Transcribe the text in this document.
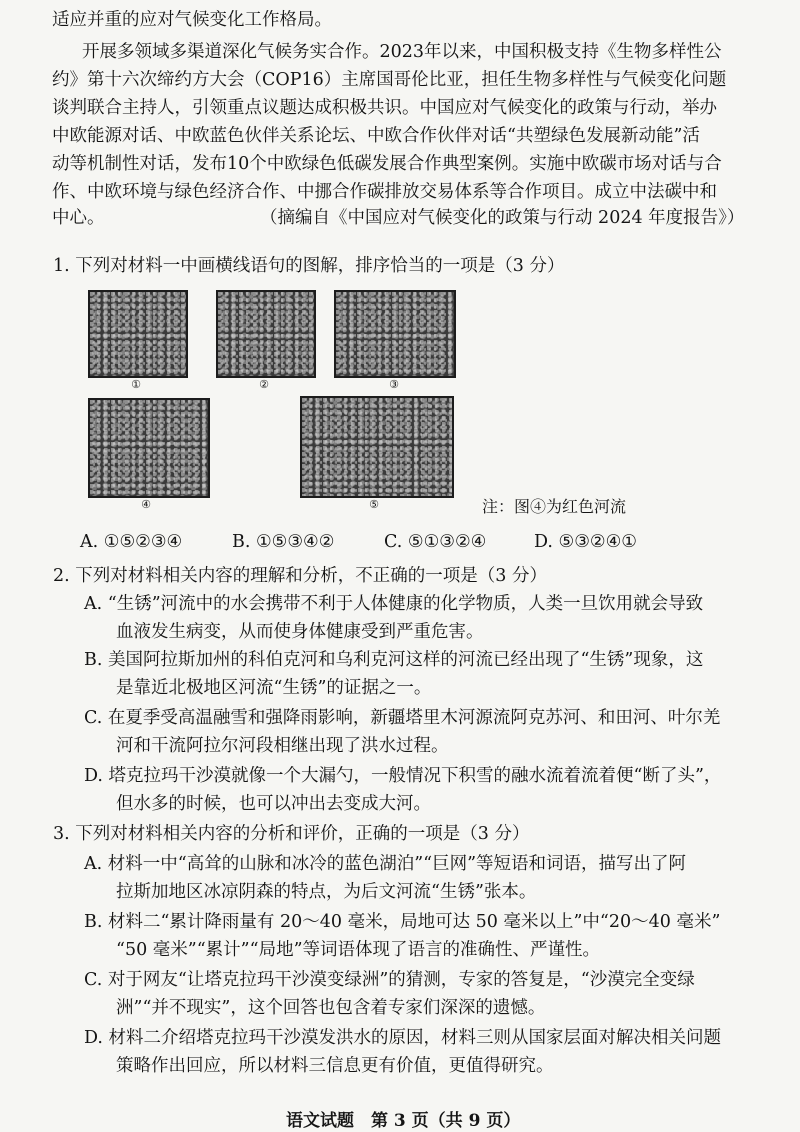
适应并重的应对气候变化工作格局。
开展多领域多渠道深化气候务实合作。2023年以来，中国积极支持《生物多样性公
约》第十六次缔约方大会（COP16）主席国哥伦比亚，担任生物多样性与气候变化问题
谈判联合主持人，引领重点议题达成积极共识。中国应对气候变化的政策与行动，举办
中欧能源对话、中欧蓝色伙伴关系论坛、中欧合作伙伴对话“共塑绿色发展新动能”活
动等机制性对话，发布10个中欧绿色低碳发展合作典型案例。实施中欧碳市场对话与合
作、中欧环境与绿色经济合作、中挪合作碳排放交易体系等合作项目。成立中法碳中和
中心。	（摘编自《中国应对气候变化的政策与行动 2024 年度报告》）
1. 下列对材料一中画横线语句的图解，排序恰当的一项是（3 分）
①	②	③
④	⑤	注：图④为红色河流
A. ①⑤②③④	B. ①⑤③④②	C. ⑤①③②④	D. ⑤③②④①
2. 下列对材料相关内容的理解和分析，不正确的一项是（3 分）
A. “生锈”河流中的水会携带不利于人体健康的化学物质，人类一旦饮用就会导致
血液发生病变，从而使身体健康受到严重危害。
B. 美国阿拉斯加州的科伯克河和乌利克河这样的河流已经出现了“生锈”现象，这
是靠近北极地区河流“生锈”的证据之一。
C. 在夏季受高温融雪和强降雨影响，新疆塔里木河源流阿克苏河、和田河、叶尔羌
河和干流阿拉尔河段相继出现了洪水过程。
D. 塔克拉玛干沙漠就像一个大漏勺，一般情况下积雪的融水流着流着便“断了头”，
但水多的时候，也可以冲出去变成大河。
3. 下列对材料相关内容的分析和评价，正确的一项是（3 分）
A. 材料一中“高耸的山脉和冰冷的蓝色湖泊”“巨网”等短语和词语，描写出了阿
拉斯加地区冰凉阴森的特点，为后文河流“生锈”张本。
B. 材料二“累计降雨量有 20～40 毫米，局地可达 50 毫米以上”中“20～40 毫米”
“50 毫米”“累计”“局地”等词语体现了语言的准确性、严谨性。
C. 对于网友“让塔克拉玛干沙漠变绿洲”的猜测，专家的答复是，“沙漠完全变绿
洲”“并不现实”，这个回答也包含着专家们深深的遗憾。
D. 材料二介绍塔克拉玛干沙漠发洪水的原因，材料三则从国家层面对解决相关问题
策略作出回应，所以材料三信息更有价值，更值得研究。
语文试题　第 3 页（共 9 页）
